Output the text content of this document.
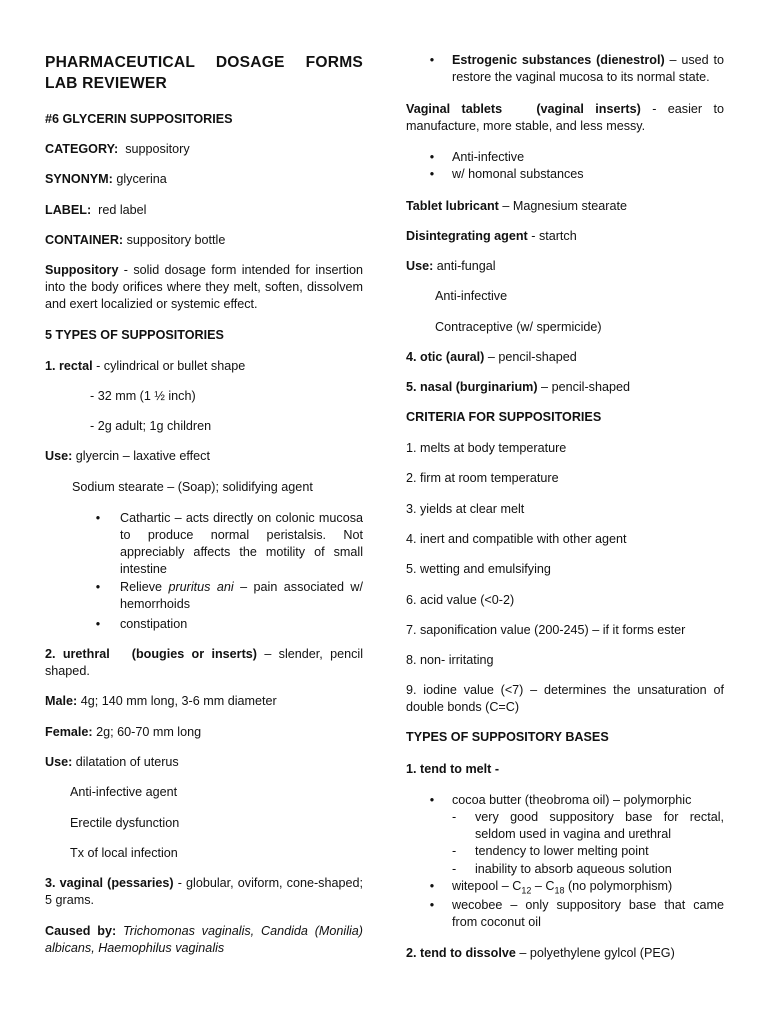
PHARMACEUTICAL DOSAGE FORMS LAB REVIEWER
#6 GLYCERIN SUPPOSITORIES
CATEGORY: suppository
SYNONYM: glycerina
LABEL: red label
CONTAINER: suppository bottle
Suppository - solid dosage form intended for insertion into the body orifices where they melt, soften, dissolvem and exert localizied or systemic effect.
5 TYPES OF SUPPOSITORIES
1. rectal - cylindrical or bullet shape
- 32 mm (1 ½ inch)
- 2g adult; 1g children
Use: glyercin – laxative effect
Sodium stearate – (Soap); solidifying agent
•	Cathartic – acts directly on colonic mucosa to produce normal peristalsis. Not appreciably affects the motility of small intestine
•	Relieve pruritus ani – pain associated w/ hemorrhoids
•	constipation
2. urethral (bougies or inserts) – slender, pencil shaped.
Male: 4g; 140 mm long, 3-6 mm diameter
Female: 2g; 60-70 mm long
Use: dilatation of uterus
Anti-infective agent
Erectile dysfunction
Tx of local infection
3. vaginal (pessaries) - globular, oviform, cone-shaped; 5 grams.
Caused by: Trichomonas vaginalis, Candida (Monilia) albicans, Haemophilus vaginalis
•	Estrogenic substances (dienestrol) – used to restore the vaginal mucosa to its normal state.
Vaginal tablets	(vaginal inserts) - easier to manufacture, more stable, and less messy.
•	Anti-infective
•	w/ homonal substances
Tablet lubricant – Magnesium stearate
Disintegrating agent - startch
Use: anti-fungal
Anti-infective
Contraceptive (w/ spermicide)
4. otic (aural) – pencil-shaped
5. nasal (burginarium) – pencil-shaped
CRITERIA FOR SUPPOSITORIES
1. melts at body temperature
2. firm at room temperature
3. yields at clear melt
4. inert and compatible with other agent
5. wetting and emulsifying
6. acid value (<0-2)
7. saponification value (200-245) – if it forms ester
8. non- irritating
9. iodine value (<7) – determines the unsaturation of double bonds (C=C)
TYPES OF SUPPOSITORY BASES
1. tend to melt -
•	cocoa butter (theobroma oil) – polymorphic
- very good suppository base for rectal, seldom used in vagina and urethral
- tendency to lower melting point
- inability to absorb aqueous solution
•	witepool – $C_{12} - C_{18}$ (no polymorphism)
•	wecobee – only suppository base that came from coconut oil
2. tend to dissolve – polyethylene gylcol (PEG)
